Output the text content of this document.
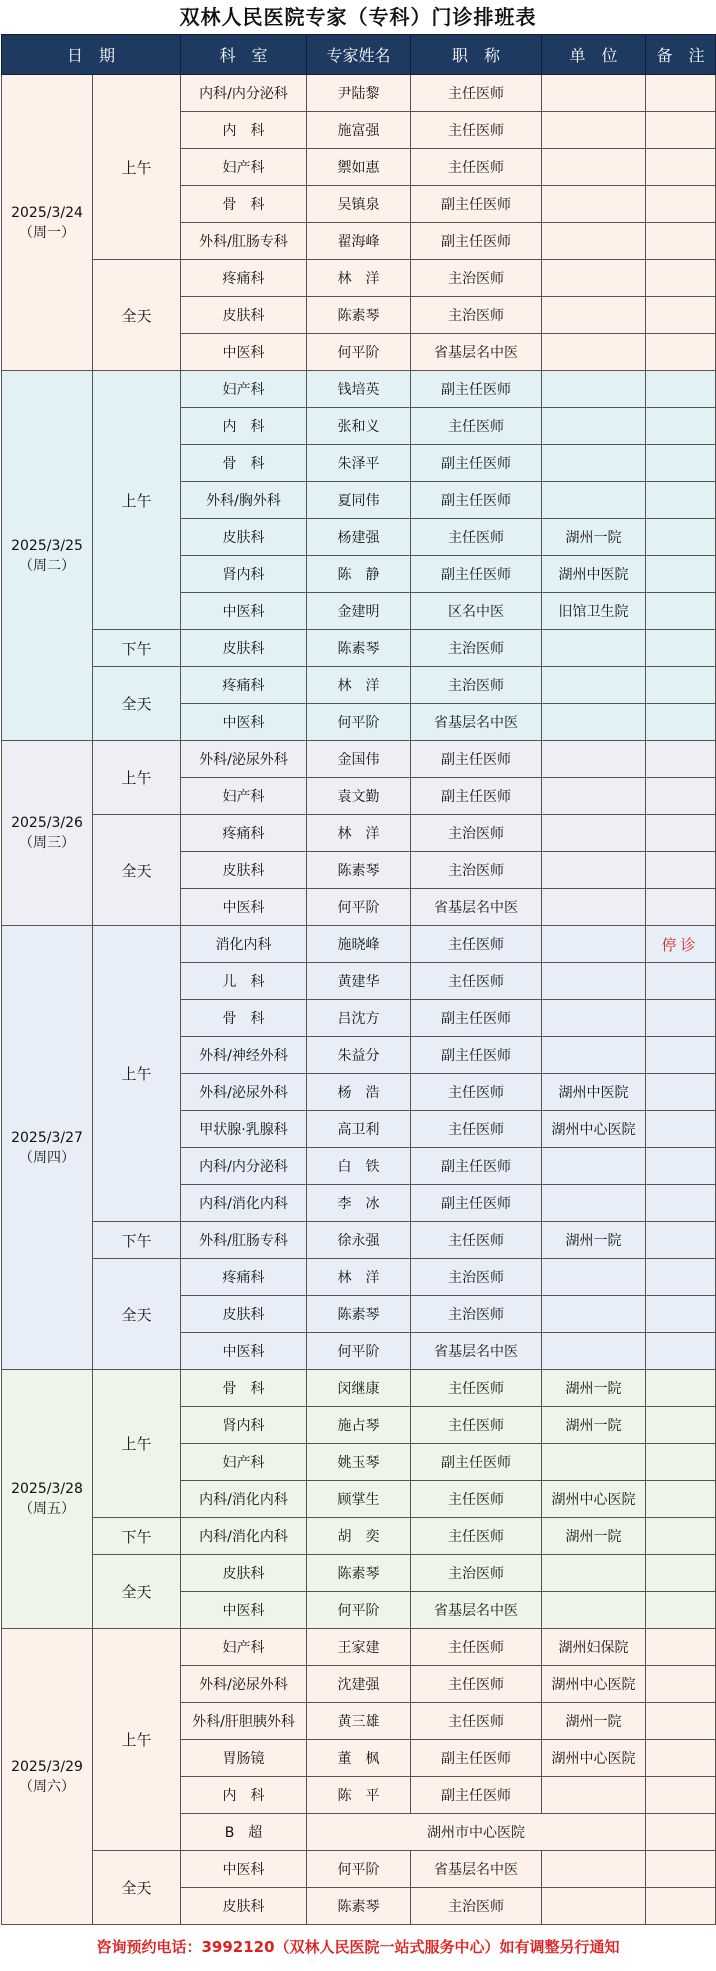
双林人民医院专家（专科）门诊排班表
日　期		科　室	专家姓名	职　称	单　位	备　注

2025/3/24
（周一）	上午	内科/内分泌科	尹陆黎	主任医师		
		内　科	施富强	主任医师		
		妇产科	禦如惠	主任医师		
		骨　科	吴镇泉	副主任医师		
		外科/肛肠专科	翟海峰	副主任医师		
	全天	疼痛科	林　洋	主治医师		
		皮肤科	陈素琴	主治医师		
		中医科	何平阶	省基层名中医		

2025/3/25
（周二）	上午	妇产科	钱培英	副主任医师		
		内　科	张和义	主任医师		
		骨　科	朱泽平	副主任医师		
		外科/胸外科	夏同伟	副主任医师		
		皮肤科	杨建强	主任医师	湖州一院	
		肾内科	陈　静	副主任医师	湖州中医院	
		中医科	金建明	区名中医	旧馆卫生院	
	下午	皮肤科	陈素琴	主治医师		
	全天	疼痛科	林　洋	主治医师		
		中医科	何平阶	省基层名中医		

2025/3/26
（周三）	上午	外科/泌尿外科	金国伟	副主任医师		
		妇产科	袁文勤	副主任医师		
	全天	疼痛科	林　洋	主治医师		
		皮肤科	陈素琴	主治医师		
		中医科	何平阶	省基层名中医		

2025/3/27
（周四）	上午	消化内科	施晓峰	主任医师		停诊
		儿　科	黄建华	主任医师		
		骨　科	吕沈方	副主任医师		
		外科/神经外科	朱益分	副主任医师		
		外科/泌尿外科	杨　浩	主任医师	湖州中医院	
		甲状腺·乳腺科	高卫利	主任医师	湖州中心医院	
		内科/内分泌科	白　铁	副主任医师		
		内科/消化内科	李　冰	副主任医师		
	下午	外科/肛肠专科	徐永强	主任医师	湖州一院	
	全天	疼痛科	林　洋	主治医师		
		皮肤科	陈素琴	主治医师		
		中医科	何平阶	省基层名中医		

2025/3/28
（周五）	上午	骨　科	闵继康	主任医师	湖州一院	
		肾内科	施占琴	主任医师	湖州一院	
		妇产科	姚玉琴	副主任医师		
		内科/消化内科	顾掌生	主任医师	湖州中心医院	
	下午	内科/消化内科	胡　奕	主任医师	湖州一院	
	全天	皮肤科	陈素琴	主治医师		
		中医科	何平阶	省基层名中医		

2025/3/29
（周六）	上午	妇产科	王家建	主任医师	湖州妇保院	
		外科/泌尿外科	沈建强	主任医师	湖州中心医院	
		外科/肝胆胰外科	黄三雄	主任医师	湖州一院	
		胃肠镜	董　枫	副主任医师	湖州中心医院	
		内　科	陈　平	副主任医师		
		B　超	湖州市中心医院			
	全天	中医科	何平阶	省基层名中医		
		皮肤科	陈素琴	主治医师		
咨询预约电话：3992120（双林人民医院一站式服务中心）如有调整另行通知
